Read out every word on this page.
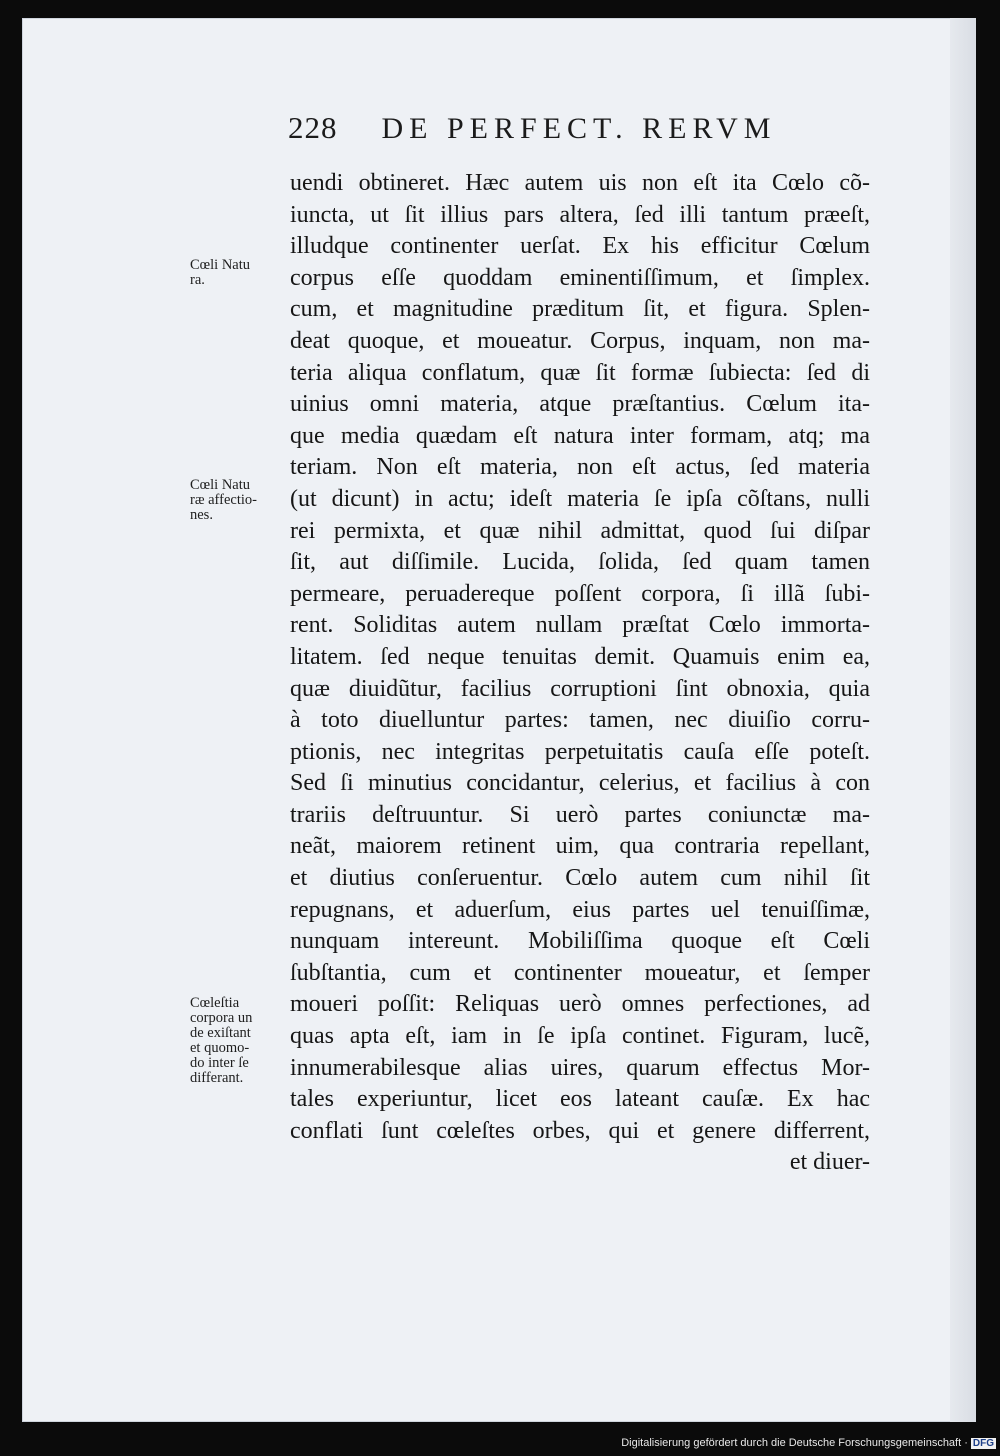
228 DE PERFECT. RERVM
Cœli Natu
ra.
Cœli Natu
ræ affectio-
nes.
Cœleſtia
corpora un
de exiſtant
et quomo-
do inter ſe
differant.
uendi obtineret. Hæc autem uis non eſt ita Cœlo cõ-
iuncta, ut ſit illius pars altera, ſed illi tantum præeſt,
illudque continenter uerſat. Ex his efficitur Cœlum
corpus eſſe quoddam eminentiſſimum, et ſimplex.
cum, et magnitudine præditum ſit, et figura. Splen-
deat quoque, et moueatur. Corpus, inquam, non ma-
teria aliqua conflatum, quæ ſit formæ ſubiecta: ſed di
uinius omni materia, atque præſtantius. Cœlum ita-
que media quædam eſt natura inter formam, atq; ma
teriam. Non eſt materia, non eſt actus, ſed materia
(ut dicunt) in actu; ideſt materia ſe ipſa cõſtans, nulli
rei permixta, et quæ nihil admittat, quod ſui diſpar
ſit, aut diſſimile. Lucida, ſolida, ſed quam tamen
permeare, peruadereque poſſent corpora, ſi illã ſubi-
rent. Soliditas autem nullam præſtat Cœlo immorta-
litatem. ſed neque tenuitas demit. Quamuis enim ea,
quæ diuidũtur, facilius corruptioni ſint obnoxia, quia
à toto diuelluntur partes: tamen, nec diuiſio corru-
ptionis, nec integritas perpetuitatis cauſa eſſe poteſt.
Sed ſi minutius concidantur, celerius, et facilius à con
trariis deſtruuntur. Si uerò partes coniunctæ ma-
neãt, maiorem retinent uim, qua contraria repellant,
et diutius conſeruentur. Cœlo autem cum nihil ſit
repugnans, et aduerſum, eius partes uel tenuiſſimæ,
nunquam intereunt. Mobiliſſima quoque eſt Cœli
ſubſtantia, cum et continenter moueatur, et ſemper
moueri poſſit: Reliquas uerò omnes perfectiones, ad
quas apta eſt, iam in ſe ipſa continet. Figuram, lucẽ,
innumerabilesque alias uires, quarum effectus Mor-
tales experiuntur, licet eos lateant cauſæ. Ex hac
conflati ſunt cœleſtes orbes, qui et genere differrent,
et diuer-
Digitalisierung gefördert durch die Deutsche Forschungsgemeinschaft · DFG
